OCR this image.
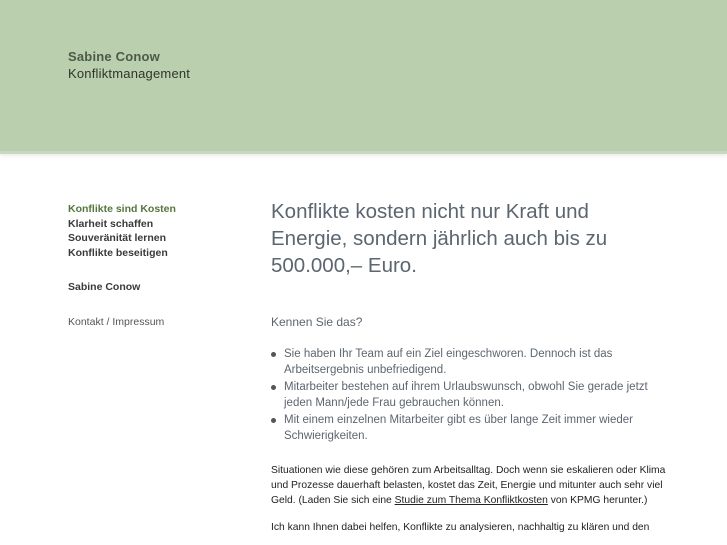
Sabine Conow
Konfliktmanagement
Konflikte sind Kosten
Klarheit schaffen
Souveränität lernen
Konflikte beseitigen
Sabine Conow
Kontakt / Impressum
Konflikte kosten nicht nur Kraft und Energie, sondern jährlich auch bis zu 500.000,– Euro.
Kennen Sie das?
Sie haben Ihr Team auf ein Ziel eingeschworen. Dennoch ist das Arbeitsergebnis unbefriedigend.
Mitarbeiter bestehen auf ihrem Urlaubswunsch, obwohl Sie gerade jetzt jeden Mann/jede Frau gebrauchen können.
Mit einem einzelnen Mitarbeiter gibt es über lange Zeit immer wieder Schwierigkeiten.

Situationen wie diese gehören zum Arbeitsalltag. Doch wenn sie eskalieren oder Klima und Prozesse dauerhaft belasten, kostet das Zeit, Energie und mitunter auch sehr viel Geld. (Laden Sie sich eine Studie zum Thema Konfliktkosten von KPMG herunter.)

Ich kann Ihnen dabei helfen, Konflikte zu analysieren, nachhaltig zu klären und den
